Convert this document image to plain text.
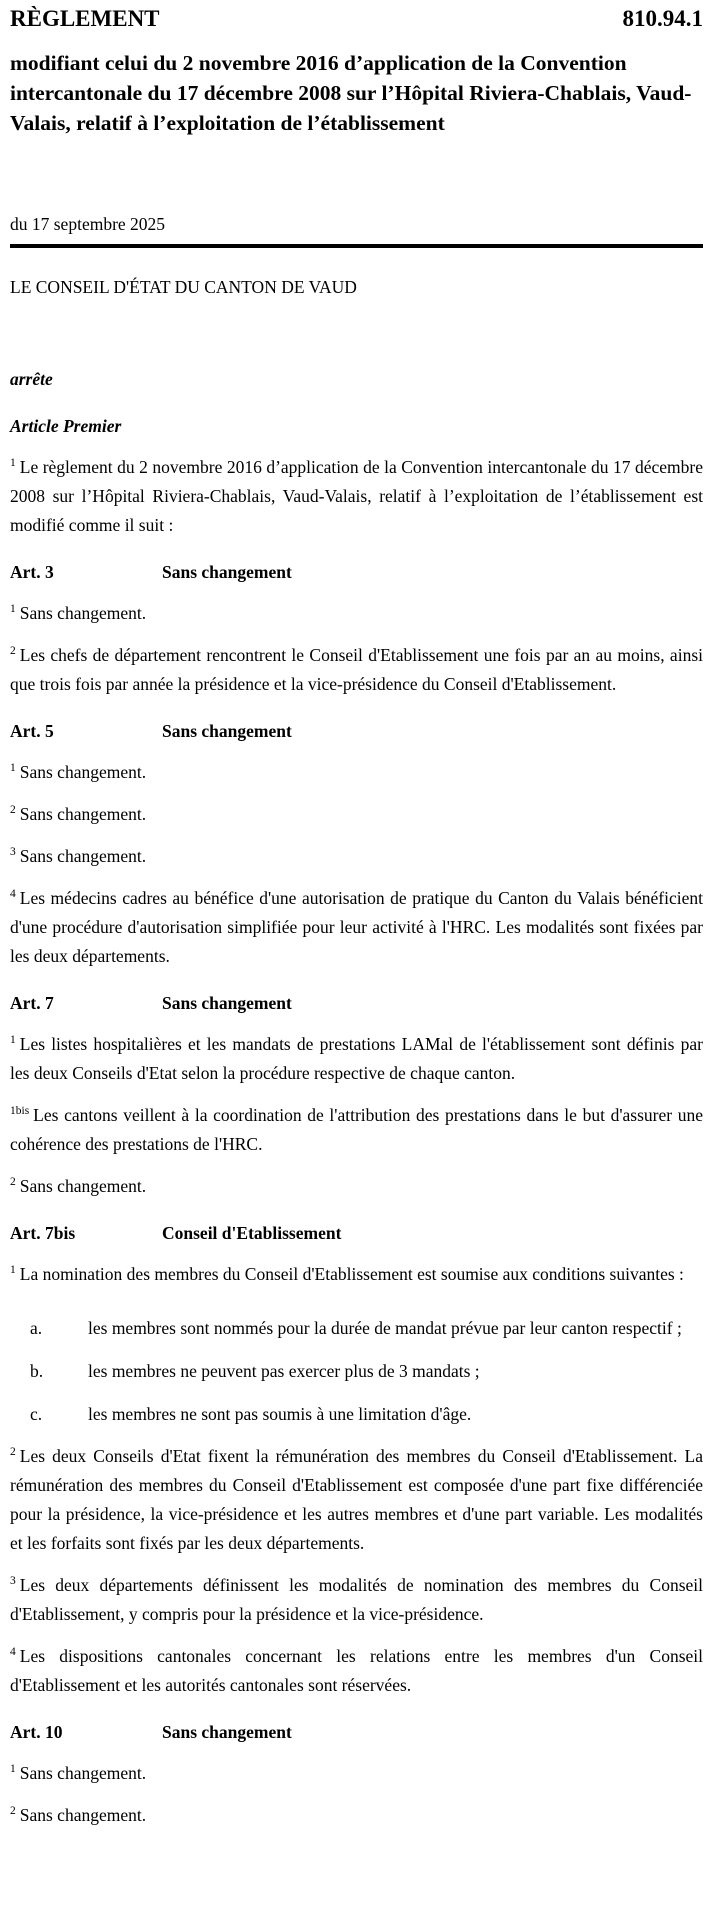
RÈGLEMENT	810.94.1
modifiant celui du 2 novembre 2016 d’application de la Convention intercantonale du 17 décembre 2008 sur l’Hôpital Riviera-Chablais, Vaud-Valais, relatif à l’exploitation de l’établissement

du 17 septembre 2025

LE CONSEIL D'ÉTAT DU CANTON DE VAUD

arrête

Article Premier

$^1$ Le règlement du 2 novembre 2016 d’application de la Convention intercantonale du 17 décembre 2008 sur l’Hôpital Riviera-Chablais, Vaud-Valais, relatif à l’exploitation de l’établissement est modifié comme il suit :

Art. 3	Sans changement

$^1$ Sans changement.

$^2$ Les chefs de département rencontrent le Conseil d'Etablissement une fois par an au moins, ainsi que trois fois par année la présidence et la vice-présidence du Conseil d'Etablissement.

Art. 5	Sans changement

$^1$ Sans changement.

$^2$ Sans changement.

$^3$ Sans changement.

$^4$ Les médecins cadres au bénéfice d'une autorisation de pratique du Canton du Valais bénéficient d'une procédure d'autorisation simplifiée pour leur activité à l'HRC. Les modalités sont fixées par les deux départements.

Art. 7	Sans changement

$^1$ Les listes hospitalières et les mandats de prestations LAMal de l'établissement sont définis par les deux Conseils d'Etat selon la procédure respective de chaque canton.

$^{1bis}$ Les cantons veillent à la coordination de l'attribution des prestations dans le but d'assurer une cohérence des prestations de l'HRC.

$^2$ Sans changement.

Art. 7bis	Conseil d'Etablissement

$^1$ La nomination des membres du Conseil d'Etablissement est soumise aux conditions suivantes :

a.	les membres sont nommés pour la durée de mandat prévue par leur canton respectif ;
b.	les membres ne peuvent pas exercer plus de 3 mandats ;
c.	les membres ne sont pas soumis à une limitation d'âge.

$^2$ Les deux Conseils d'Etat fixent la rémunération des membres du Conseil d'Etablissement. La rémunération des membres du Conseil d'Etablissement est composée d'une part fixe différenciée pour la présidence, la vice-présidence et les autres membres et d'une part variable. Les modalités et les forfaits sont fixés par les deux départements.

$^3$ Les deux départements définissent les modalités de nomination des membres du Conseil d'Etablissement, y compris pour la présidence et la vice-présidence.

$^4$ Les dispositions cantonales concernant les relations entre les membres d'un Conseil d'Etablissement et les autorités cantonales sont réservées.

Art. 10	Sans changement

$^1$ Sans changement.

$^2$ Sans changement.
